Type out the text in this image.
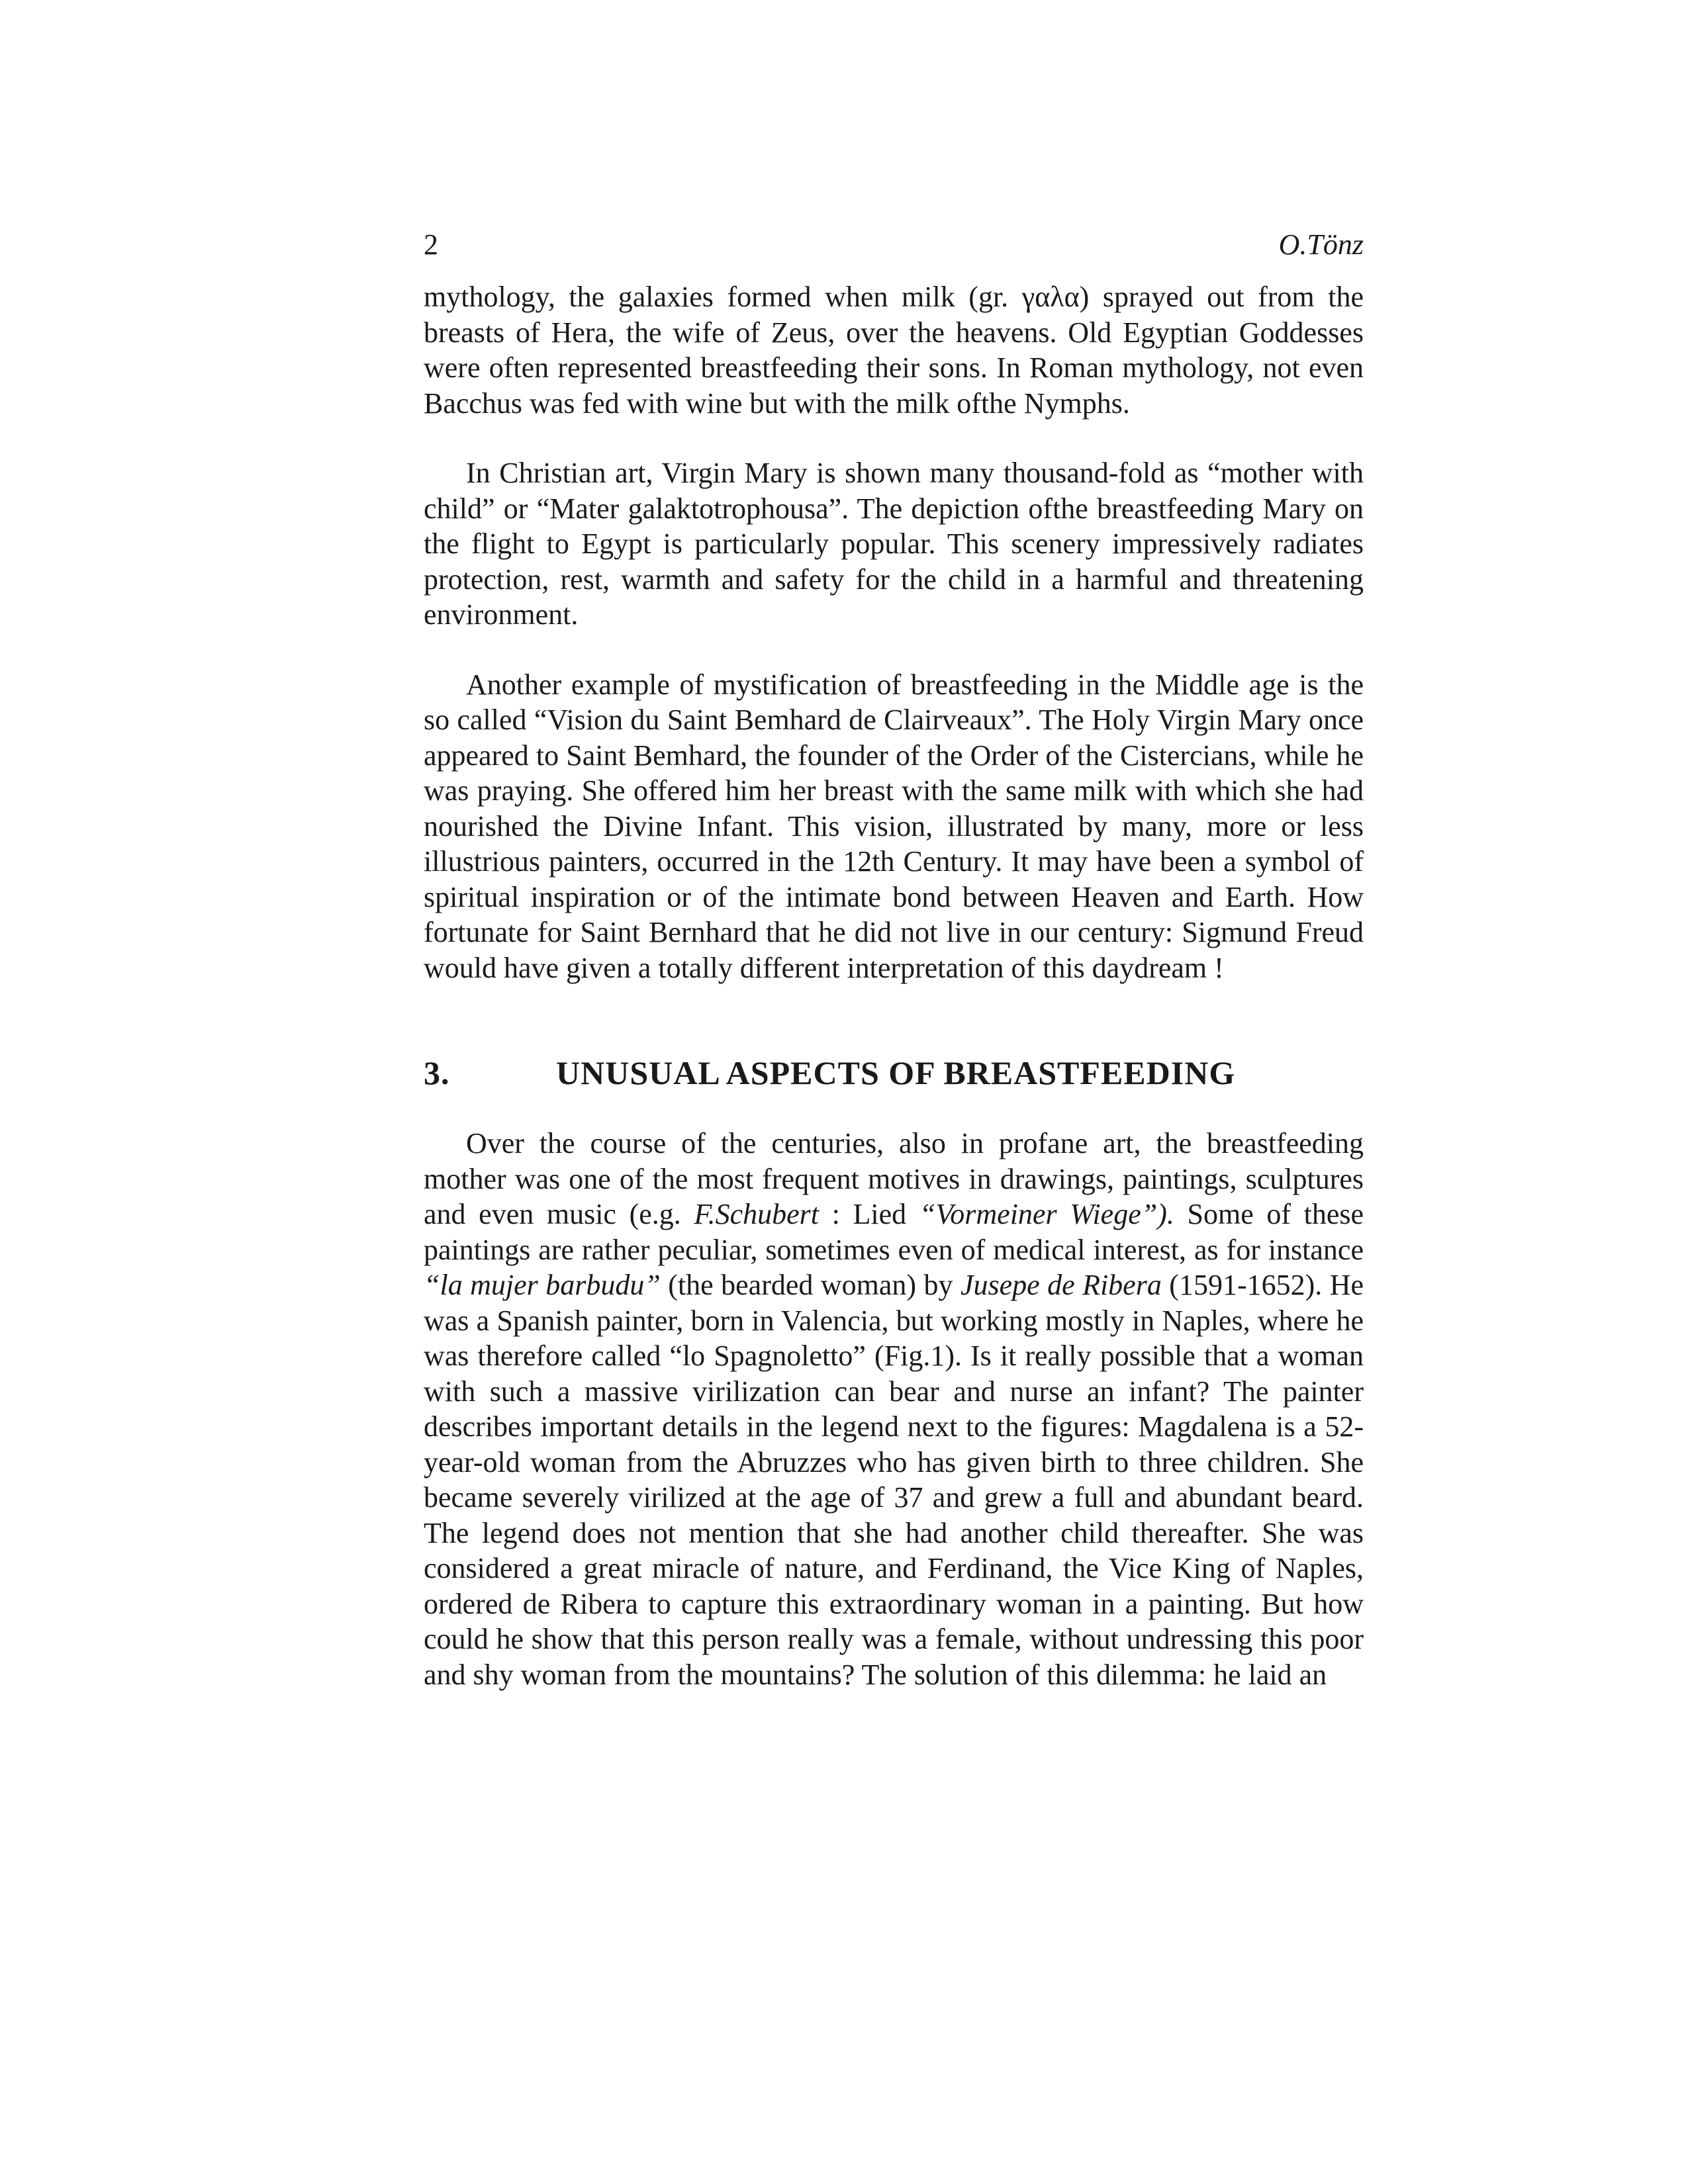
2	O.Tönz

mythology, the galaxies formed when milk (gr. γαλα) sprayed out from the breasts of Hera, the wife of Zeus, over the heavens. Old Egyptian Goddesses were often represented breastfeeding their sons. In Roman mythology, not even Bacchus was fed with wine but with the milk ofthe Nymphs.

In Christian art, Virgin Mary is shown many thousand-fold as “mother with child” or “Mater galaktotrophousa”. The depiction ofthe breastfeeding Mary on the flight to Egypt is particularly popular. This scenery impressively radiates protection, rest, warmth and safety for the child in a harmful and threatening environment.

Another example of mystification of breastfeeding in the Middle age is the so called “Vision du Saint Bemhard de Clairveaux”. The Holy Virgin Mary once appeared to Saint Bemhard, the founder of the Order of the Cistercians, while he was praying. She offered him her breast with the same milk with which she had nourished the Divine Infant. This vision, illustrated by many, more or less illustrious painters, occurred in the 12th Century. It may have been a symbol of spiritual inspiration or of the intimate bond between Heaven and Earth. How fortunate for Saint Bernhard that he did not live in our century: Sigmund Freud would have given a totally different interpretation of this daydream !

3.	UNUSUAL ASPECTS OF BREASTFEEDING

Over the course of the centuries, also in profane art, the breastfeeding mother was one of the most frequent motives in drawings, paintings, sculptures and even music (e.g. F.Schubert : Lied “Vormeiner Wiege”). Some of these paintings are rather peculiar, sometimes even of medical interest, as for instance “la mujer barbudu” (the bearded woman) by Jusepe de Ribera (1591-1652). He was a Spanish painter, born in Valencia, but working mostly in Naples, where he was therefore called “lo Spagnoletto” (Fig.1). Is it really possible that a woman with such a massive virilization can bear and nurse an infant? The painter describes important details in the legend next to the figures: Magdalena is a 52-year-old woman from the Abruzzes who has given birth to three children. She became severely virilized at the age of 37 and grew a full and abundant beard. The legend does not mention that she had another child thereafter. She was considered a great miracle of nature, and Ferdinand, the Vice King of Naples, ordered de Ribera to capture this extraordinary woman in a painting. But how could he show that this person really was a female, without undressing this poor and shy woman from the mountains? The solution of this dilemma: he laid an
